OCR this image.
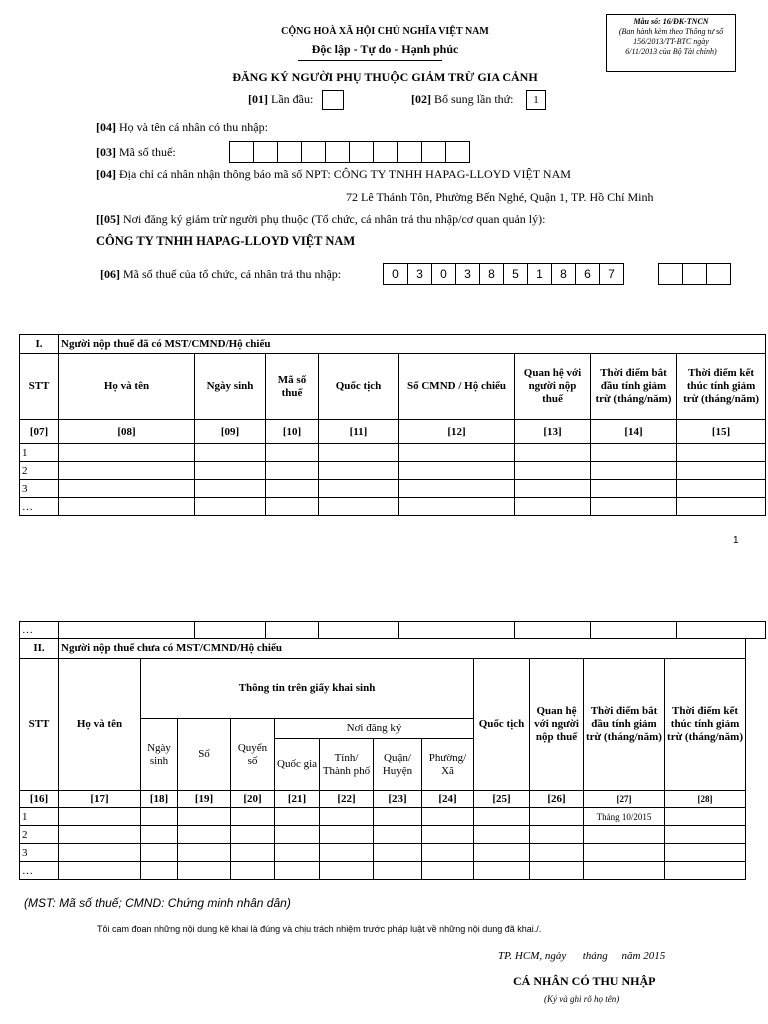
Mẫu số: 16/ĐK-TNCN
(Ban hành kèm theo Thông tư số
156/2013/TT-BTC ngày
6/11/2013 của Bộ Tài chính)
CỘNG HOÀ XÃ HỘI CHỦ NGHĨA VIỆT NAM
Độc lập - Tự do - Hạnh phúc
ĐĂNG KÝ NGƯỜI PHỤ THUỘC GIẢM TRỪ GIA CẢNH
[01] Lần đầu:	[02] Bổ sung lần thứ:	1
[04] Họ và tên cá nhân có thu nhập:
[03] Mã số thuế:
[04] Địa chỉ cá nhân nhận thông báo mã số NPT: CÔNG TY TNHH HAPAG-LLOYD VIỆT NAM
72 Lê Thánh Tôn, Phường Bến Nghé, Quận 1, TP. Hồ Chí Minh
[[05] Nơi đăng ký giảm trừ người phụ thuộc (Tổ chức, cá nhân trả thu nhập/cơ quan quản lý):
CÔNG TY TNHH HAPAG-LLOYD VIỆT NAM
[06] Mã số thuế của tổ chức, cá nhân trả thu nhập:	0	3	0	3	8	5	1	8	6	7
I.	Người nộp thuế đã có MST/CMND/Hộ chiếu							
STT	Họ và tên	Ngày sinh	Mã số thuế	Quốc tịch	Số CMND / Hộ chiếu	Quan hệ với người nộp thuế	Thời điểm bắt đầu tính giảm trừ (tháng/năm)	Thời điểm kết thúc tính giảm trừ (tháng/năm)
[07]	[08]	[09]	[10]	[11]	[12]	[13]	[14]	[15]
1								
2								
3								
…								
1
…								
II.	Người nộp thuế chưa có MST/CMND/Hộ chiếu											
STT	Họ và tên	Thông tin trên giấy khai sinh							Quốc tịch	Quan hệ với người nộp thuế	Thời điểm bắt đầu tính giảm trừ (tháng/năm)	Thời điểm kết thúc tính giảm trừ (tháng/năm)
		Ngày sinh	Số	Quyển số	Nơi đăng ký							
					Quốc gia	Tỉnh/ Thành phố	Quận/ Huyện	Phường/ Xã				
[16]	[17]	[18]	[19]	[20]	[21]	[22]	[23]	[24]	[25]	[26]	[27]	[28]
1											Tháng 10/2015	
2												
3												
…												
(MST: Mã số thuế; CMND: Chứng minh nhân dân)
Tôi cam đoan những nội dung kê khai là đúng và chịu trách nhiệm trước pháp luật về những nội dung đã khai./.
TP. HCM, ngày      tháng     năm 2015
CÁ NHÂN CÓ THU NHẬP
(Ký và ghi rõ họ tên)
